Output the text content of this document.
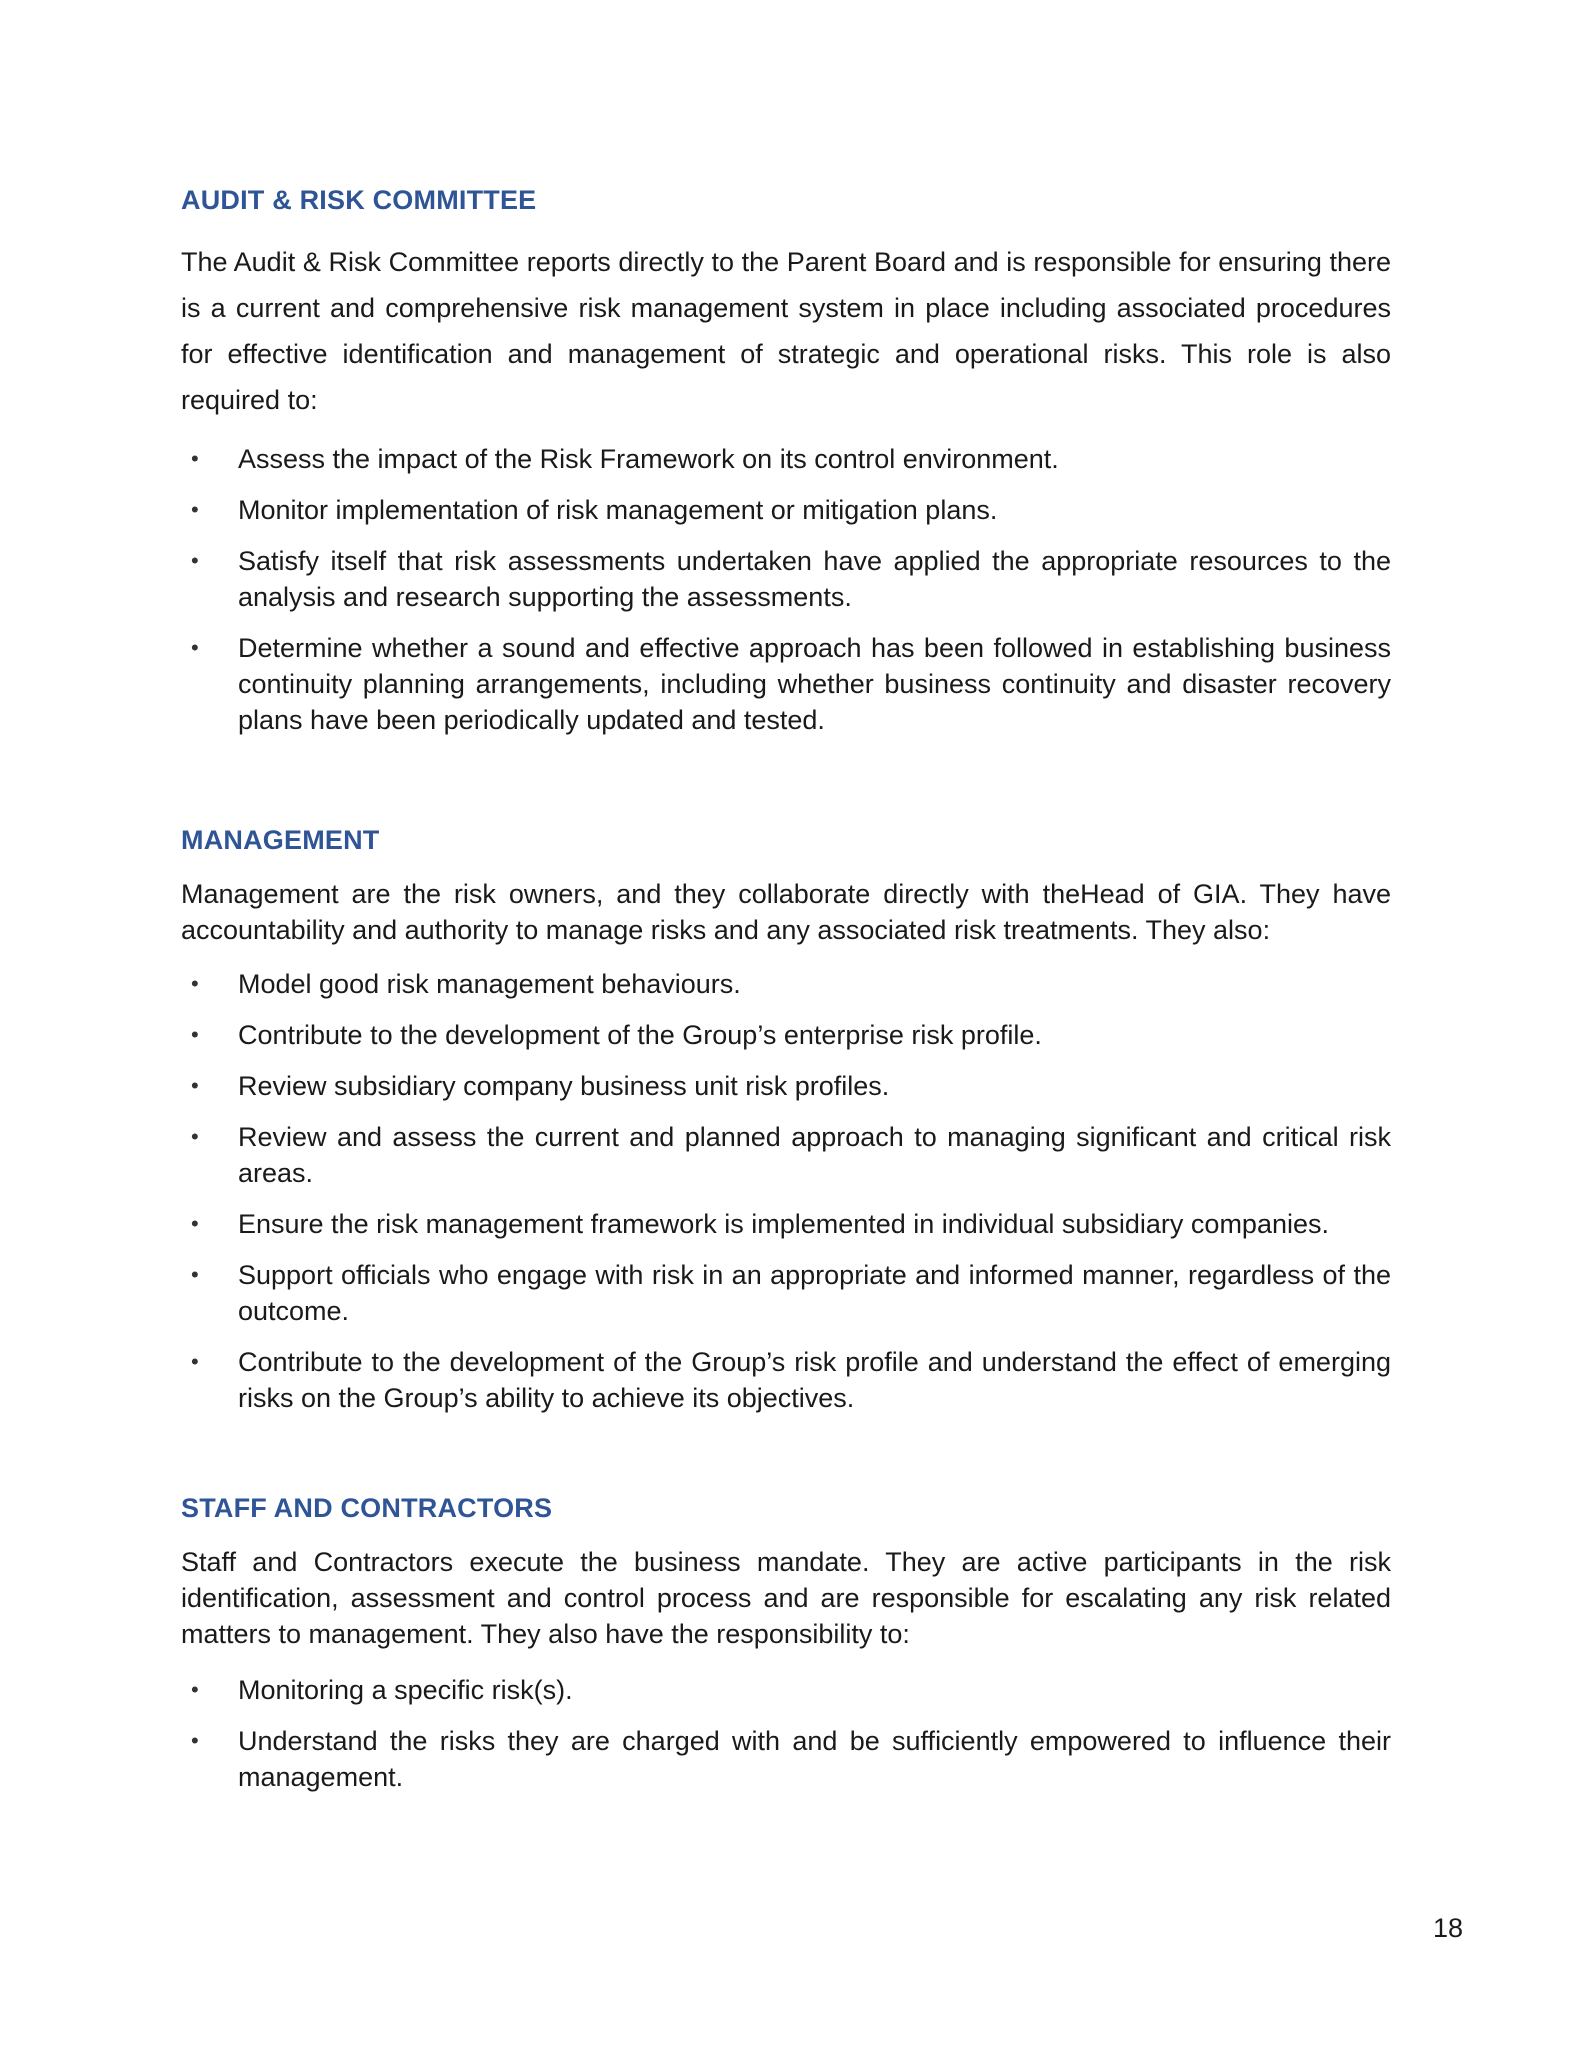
AUDIT & RISK COMMITTEE

The Audit & Risk Committee reports directly to the Parent Board and is responsible for ensuring there is a current and comprehensive risk management system in place including associated procedures for effective identification and management of strategic and operational risks. This role is also required to:

• Assess the impact of the Risk Framework on its control environment.
• Monitor implementation of risk management or mitigation plans.
• Satisfy itself that risk assessments undertaken have applied the appropriate resources to the analysis and research supporting the assessments.
• Determine whether a sound and effective approach has been followed in establishing business continuity planning arrangements, including whether business continuity and disaster recovery plans have been periodically updated and tested.
MANAGEMENT

Management are the risk owners, and they collaborate directly with theHead of GIA. They have accountability and authority to manage risks and any associated risk treatments. They also:

• Model good risk management behaviours.
• Contribute to the development of the Group’s enterprise risk profile.
• Review subsidiary company business unit risk profiles.
• Review and assess the current and planned approach to managing significant and critical risk areas.
• Ensure the risk management framework is implemented in individual subsidiary companies.
• Support officials who engage with risk in an appropriate and informed manner, regardless of the outcome.
• Contribute to the development of the Group’s risk profile and understand the effect of emerging risks on the Group’s ability to achieve its objectives.
STAFF AND CONTRACTORS

Staff and Contractors execute the business mandate. They are active participants in the risk identification, assessment and control process and are responsible for escalating any risk related matters to management. They also have the responsibility to:

• Monitoring a specific risk(s).
• Understand the risks they are charged with and be sufficiently empowered to influence their management.
18
